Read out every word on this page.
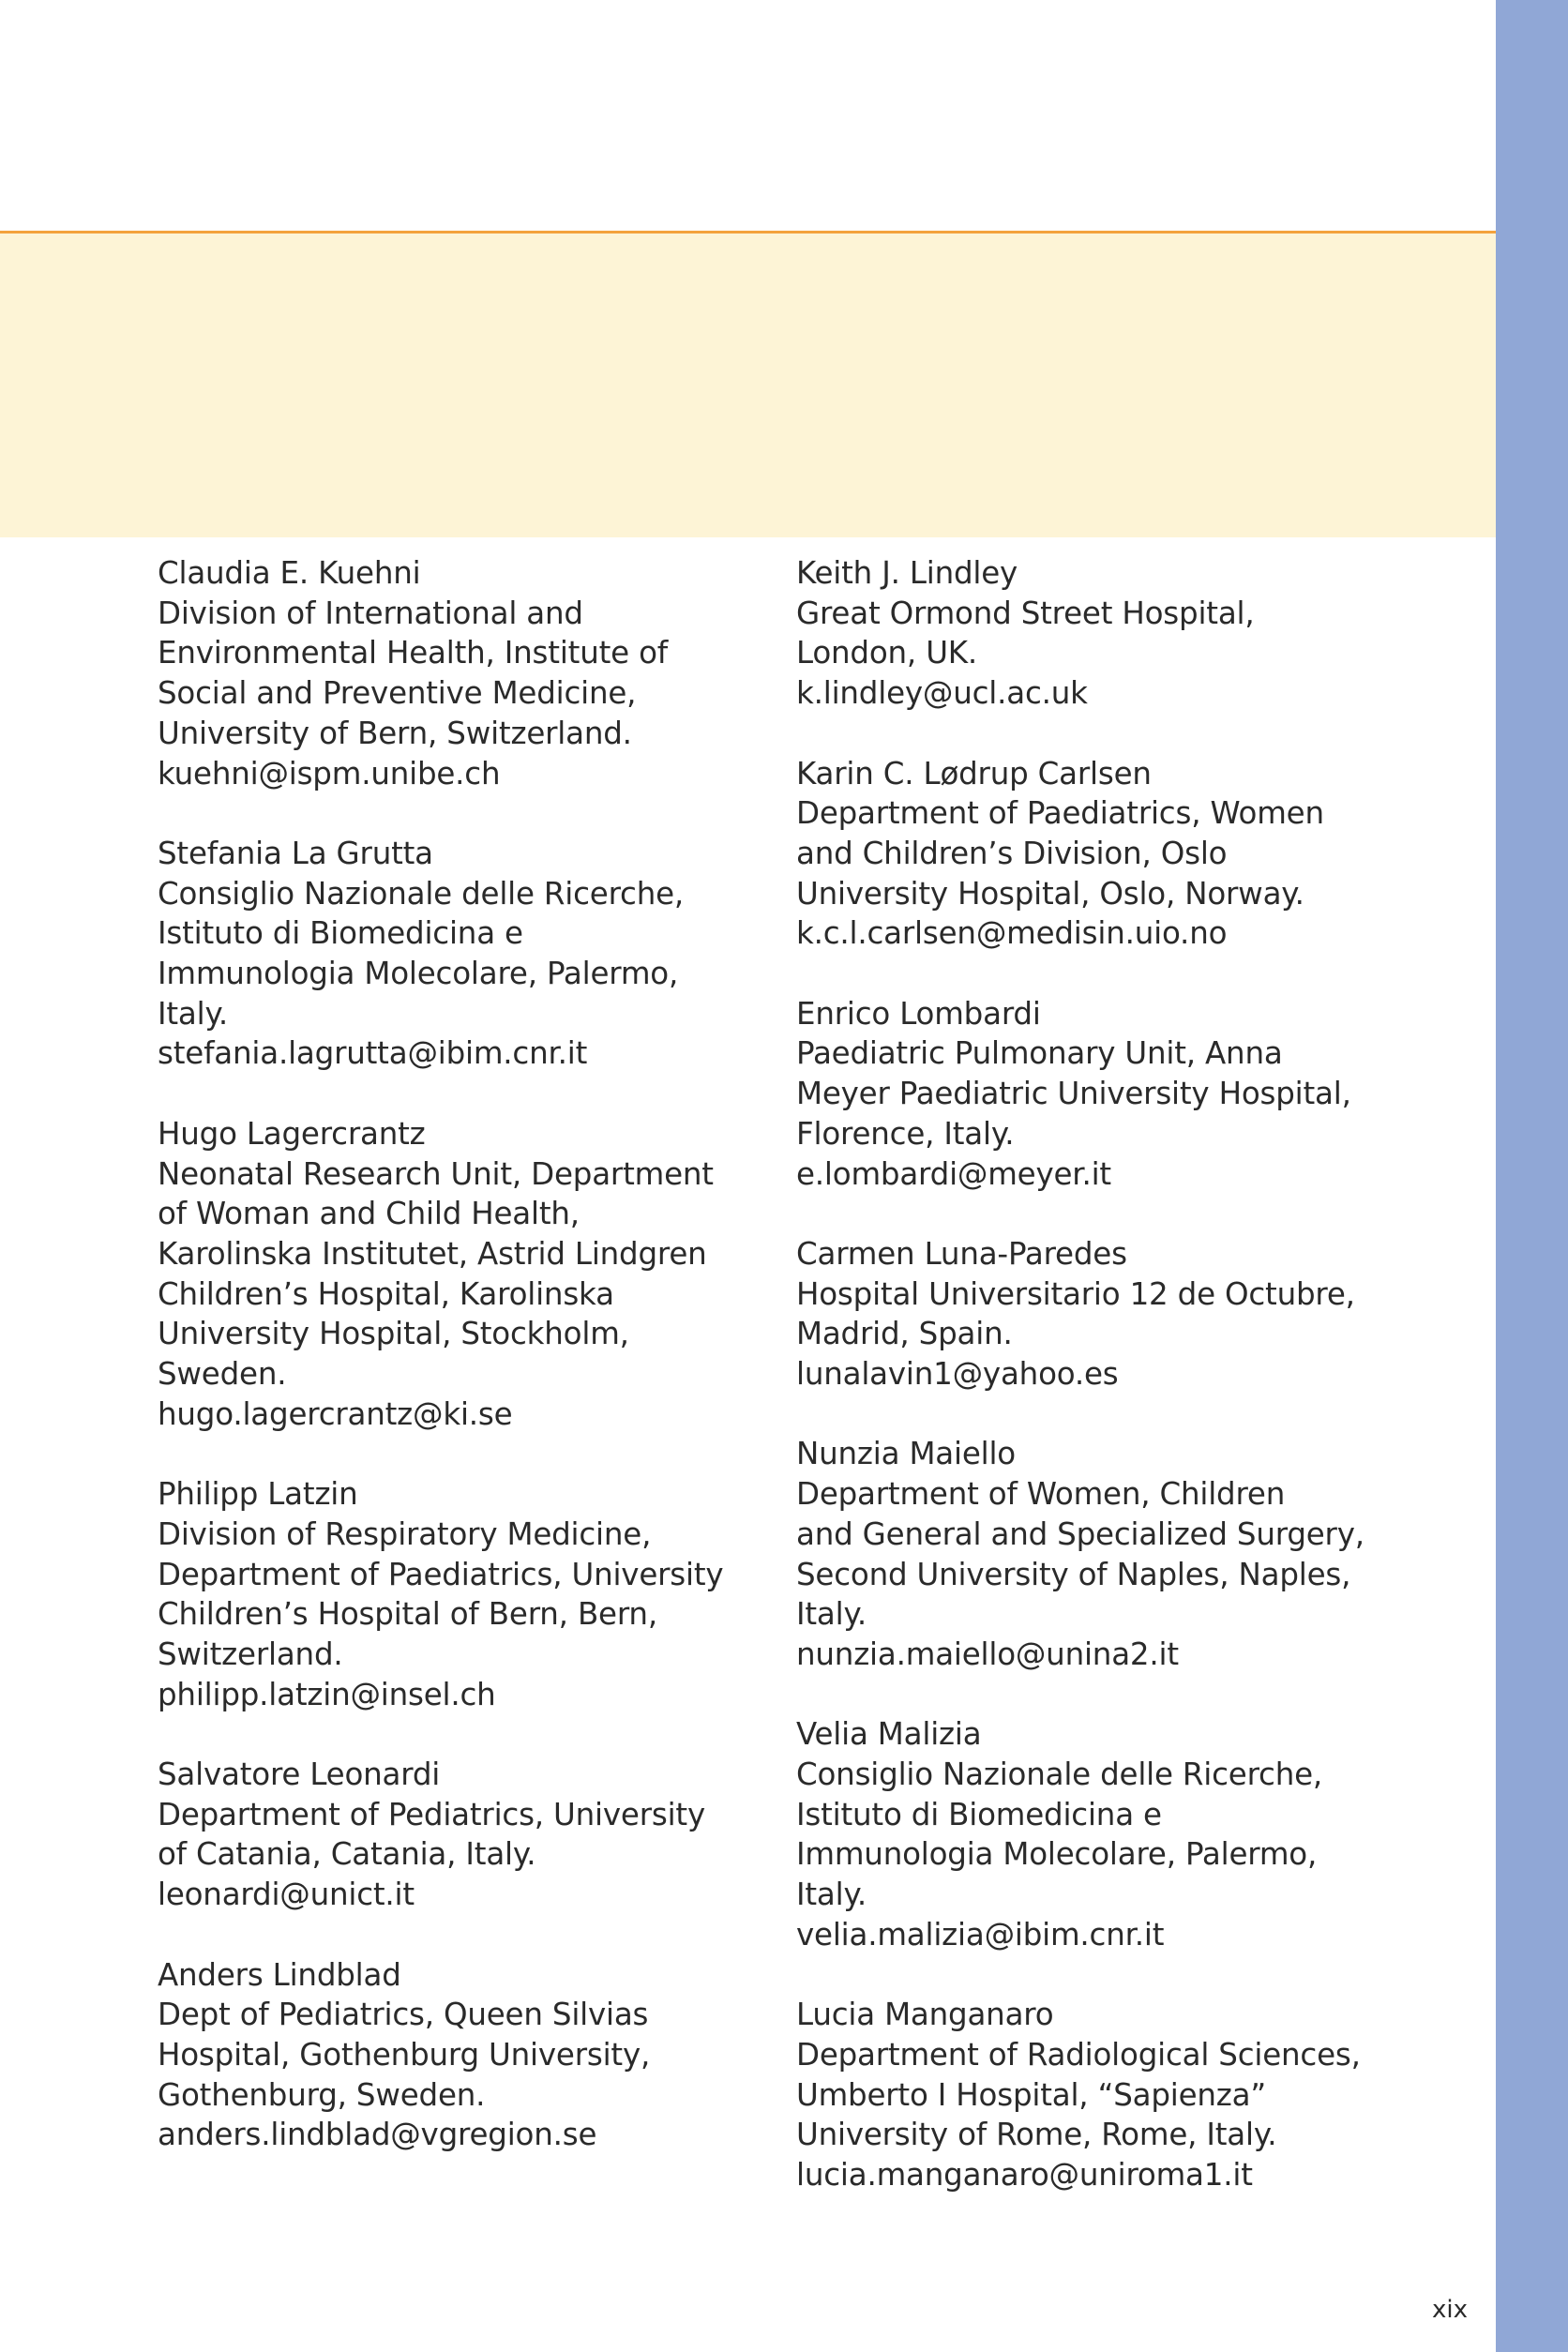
Claudia E. Kuehni
Division of International and
Environmental Health, Institute of
Social and Preventive Medicine,
University of Bern, Switzerland.
kuehni@ispm.unibe.ch
Stefania La Grutta
Consiglio Nazionale delle Ricerche,
Istituto di Biomedicina e
Immunologia Molecolare, Palermo,
Italy.
stefania.lagrutta@ibim.cnr.it
Hugo Lagercrantz
Neonatal Research Unit, Department
of Woman and Child Health,
Karolinska Institutet, Astrid Lindgren
Children’s Hospital, Karolinska
University Hospital, Stockholm,
Sweden.
hugo.lagercrantz@ki.se
Philipp Latzin
Division of Respiratory Medicine,
Department of Paediatrics, University
Children’s Hospital of Bern, Bern,
Switzerland.
philipp.latzin@insel.ch
Salvatore Leonardi
Department of Pediatrics, University
of Catania, Catania, Italy.
leonardi@unict.it
Anders Lindblad
Dept of Pediatrics, Queen Silvias
Hospital, Gothenburg University,
Gothenburg, Sweden.
anders.lindblad@vgregion.se
Keith J. Lindley
Great Ormond Street Hospital,
London, UK.
k.lindley@ucl.ac.uk
Karin C. Lødrup Carlsen
Department of Paediatrics, Women
and Children’s Division, Oslo
University Hospital, Oslo, Norway.
k.c.l.carlsen@medisin.uio.no
Enrico Lombardi
Paediatric Pulmonary Unit, Anna
Meyer Paediatric University Hospital,
Florence, Italy.
e.lombardi@meyer.it
Carmen Luna-Paredes
Hospital Universitario 12 de Octubre,
Madrid, Spain.
lunalavin1@yahoo.es
Nunzia Maiello
Department of Women, Children
and General and Specialized Surgery,
Second University of Naples, Naples,
Italy.
nunzia.maiello@unina2.it
Velia Malizia
Consiglio Nazionale delle Ricerche,
Istituto di Biomedicina e
Immunologia Molecolare, Palermo,
Italy.
velia.malizia@ibim.cnr.it
Lucia Manganaro
Department of Radiological Sciences,
Umberto I Hospital, “Sapienza”
University of Rome, Rome, Italy.
lucia.manganaro@uniroma1.it
xix
